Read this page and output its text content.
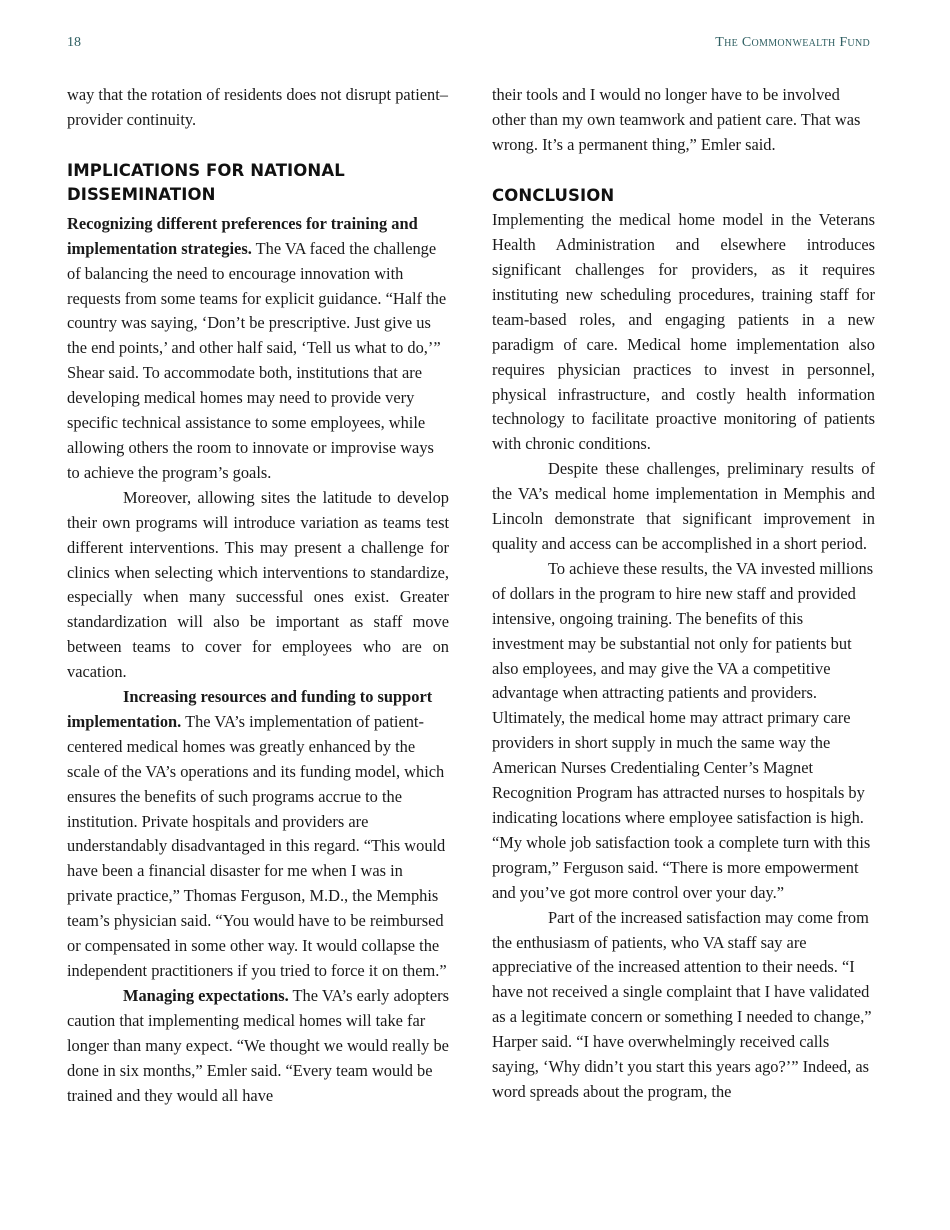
18	The Commonwealth Fund

way that the rotation of residents does not disrupt patient–provider continuity.

IMPLICATIONS FOR NATIONAL DISSEMINATION

Recognizing different preferences for training and implementation strategies. The VA faced the challenge of balancing the need to encourage innovation with requests from some teams for explicit guidance. “Half the country was saying, ‘Don’t be prescriptive. Just give us the end points,’ and other half said, ‘Tell us what to do,’” Shear said. To accommodate both, institutions that are developing medical homes may need to provide very specific technical assistance to some employees, while allowing others the room to innovate or improvise ways to achieve the program’s goals.

Moreover, allowing sites the latitude to develop their own programs will introduce variation as teams test different interventions. This may present a challenge for clinics when selecting which interventions to standardize, especially when many successful ones exist. Greater standardization will also be important as staff move between teams to cover for employees who are on vacation.

Increasing resources and funding to support implementation. The VA’s implementation of patient-centered medical homes was greatly enhanced by the scale of the VA’s operations and its funding model, which ensures the benefits of such programs accrue to the institution. Private hospitals and providers are understandably disadvantaged in this regard. “This would have been a financial disaster for me when I was in private practice,” Thomas Ferguson, M.D., the Memphis team’s physician said. “You would have to be reimbursed or compensated in some other way. It would collapse the independent practitioners if you tried to force it on them.”

Managing expectations. The VA’s early adopters caution that implementing medical homes will take far longer than many expect. “We thought we would really be done in six months,” Emler said. “Every team would be trained and they would all have

their tools and I would no longer have to be involved other than my own teamwork and patient care. That was wrong. It’s a permanent thing,” Emler said.

CONCLUSION

Implementing the medical home model in the Veterans Health Administration and elsewhere introduces significant challenges for providers, as it requires instituting new scheduling procedures, training staff for team-based roles, and engaging patients in a new paradigm of care. Medical home implementation also requires physician practices to invest in personnel, physical infrastructure, and costly health information technology to facilitate proactive monitoring of patients with chronic conditions.

Despite these challenges, preliminary results of the VA’s medical home implementation in Memphis and Lincoln demonstrate that significant improvement in quality and access can be accomplished in a short period.

To achieve these results, the VA invested millions of dollars in the program to hire new staff and provided intensive, ongoing training. The benefits of this investment may be substantial not only for patients but also employees, and may give the VA a competitive advantage when attracting patients and providers. Ultimately, the medical home may attract primary care providers in short supply in much the same way the American Nurses Credentialing Center’s Magnet Recognition Program has attracted nurses to hospitals by indicating locations where employee satisfaction is high. “My whole job satisfaction took a complete turn with this program,” Ferguson said. “There is more empowerment and you’ve got more control over your day.”

Part of the increased satisfaction may come from the enthusiasm of patients, who VA staff say are appreciative of the increased attention to their needs. “I have not received a single complaint that I have validated as a legitimate concern or something I needed to change,” Harper said. “I have overwhelmingly received calls saying, ‘Why didn’t you start this years ago?’” Indeed, as word spreads about the program, the
